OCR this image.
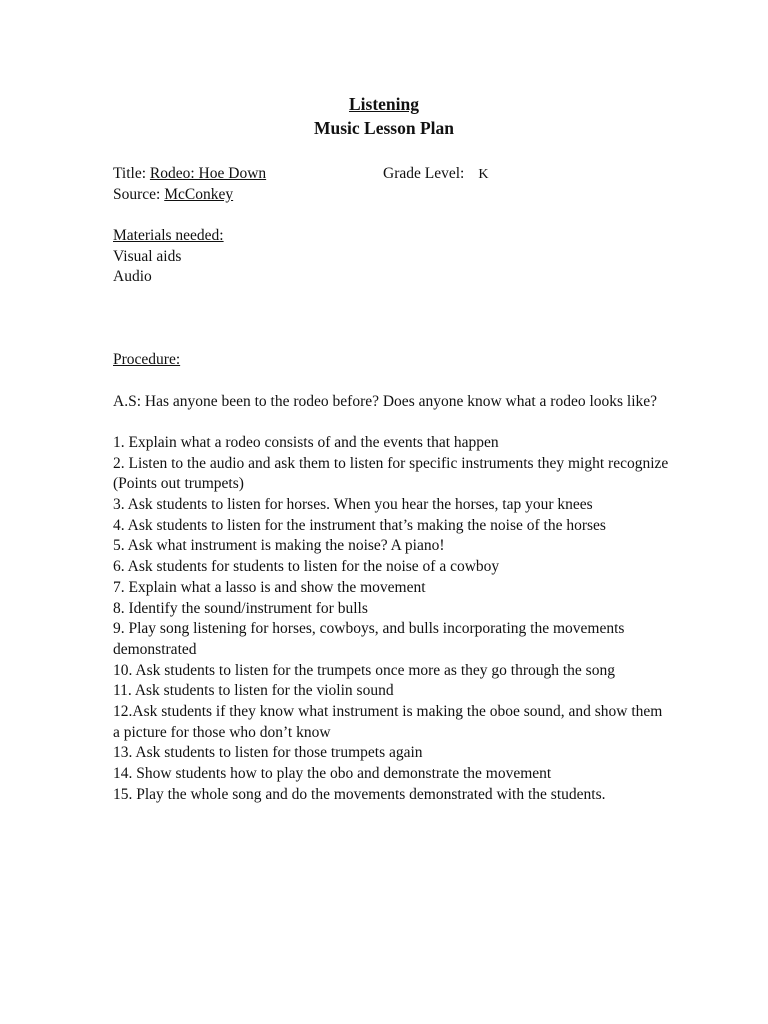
Listening
Music Lesson Plan
Title: Rodeo: Hoe Down	Grade Level: K
Source: McConkey
Materials needed:
Visual aids
Audio
Procedure:
A.S: Has anyone been to the rodeo before? Does anyone know what a rodeo looks like?
1. Explain what a rodeo consists of and the events that happen
2. Listen to the audio and ask them to listen for specific instruments they might recognize (Points out trumpets)
3. Ask students to listen for horses. When you hear the horses, tap your knees
4. Ask students to listen for the instrument that’s making the noise of the horses
5. Ask what instrument is making the noise? A piano!
6. Ask students for students to listen for the noise of a cowboy
7. Explain what a lasso is and show the movement
8. Identify the sound/instrument for bulls
9. Play song listening for horses, cowboys, and bulls incorporating the movements demonstrated
10. Ask students to listen for the trumpets once more as they go through the song
11. Ask students to listen for the violin sound
12.Ask students if they know what instrument is making the oboe sound, and show them a picture for those who don’t know
13. Ask students to listen for those trumpets again
14. Show students how to play the obo and demonstrate the movement
15. Play the whole song and do the movements demonstrated with the students.
